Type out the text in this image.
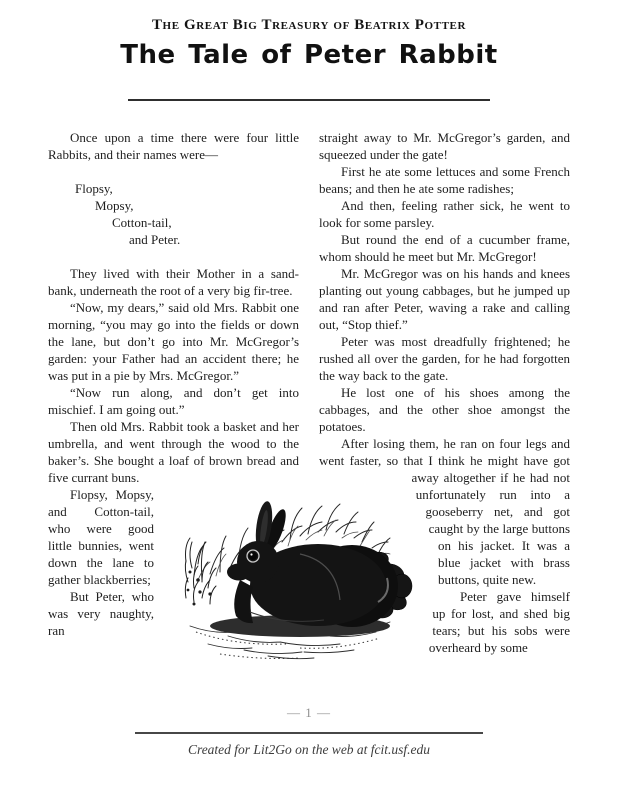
The Great Big Treasury of Beatrix Potter
The Tale of Peter Rabbit

Once upon a time there were four little Rabbits, and their names were—

Flopsy,
Mopsy,
Cotton-tail,
and Peter.

They lived with their Mother in a sand-bank, underneath the root of a very big fir-tree.

“Now, my dears,” said old Mrs. Rabbit one morning, “you may go into the fields or down the lane, but don’t go into Mr. McGregor’s garden: your Father had an accident there; he was put in a pie by Mrs. McGregor.”

“Now run along, and don’t get into mischief. I am going out.”

Then old Mrs. Rabbit took a basket and her umbrella, and went through the wood to the baker’s. She bought a loaf of
brown bread and five currant buns.

Flopsy, Mopsy, and Cotton-tail, who were good little bunnies, went down the lane to gather blackberries;

But Peter, who was very naughty, ran

straight away to Mr. McGregor’s garden, and squeezed under the gate!

First he ate some lettuces and some French beans; and then he ate some radishes;

And then, feeling rather sick, he went to look for some parsley.

But round the end of a cucumber frame, whom should he meet but Mr. McGregor!

Mr. McGregor was on his hands and knees planting out young cabbages, but he jumped up and ran after Peter, waving a rake and calling out, “Stop thief.”

Peter was most dreadfully frightened; he rushed all over the garden, for he had forgotten the way back to the gate.

He lost one of his shoes among the cabbages, and the other shoe amongst the potatoes.

After losing them, he ran on four legs and went faster, so that I think he might have got
away altogether if he had not unfortunately run into a gooseberry net, and got caught by the large buttons on his jacket. It was a blue jacket with brass buttons, quite new.

Peter gave himself up for lost, and shed big tears; but his sobs were overheard by some

— 1 —
Created for Lit2Go on the web at fcit.usf.edu
